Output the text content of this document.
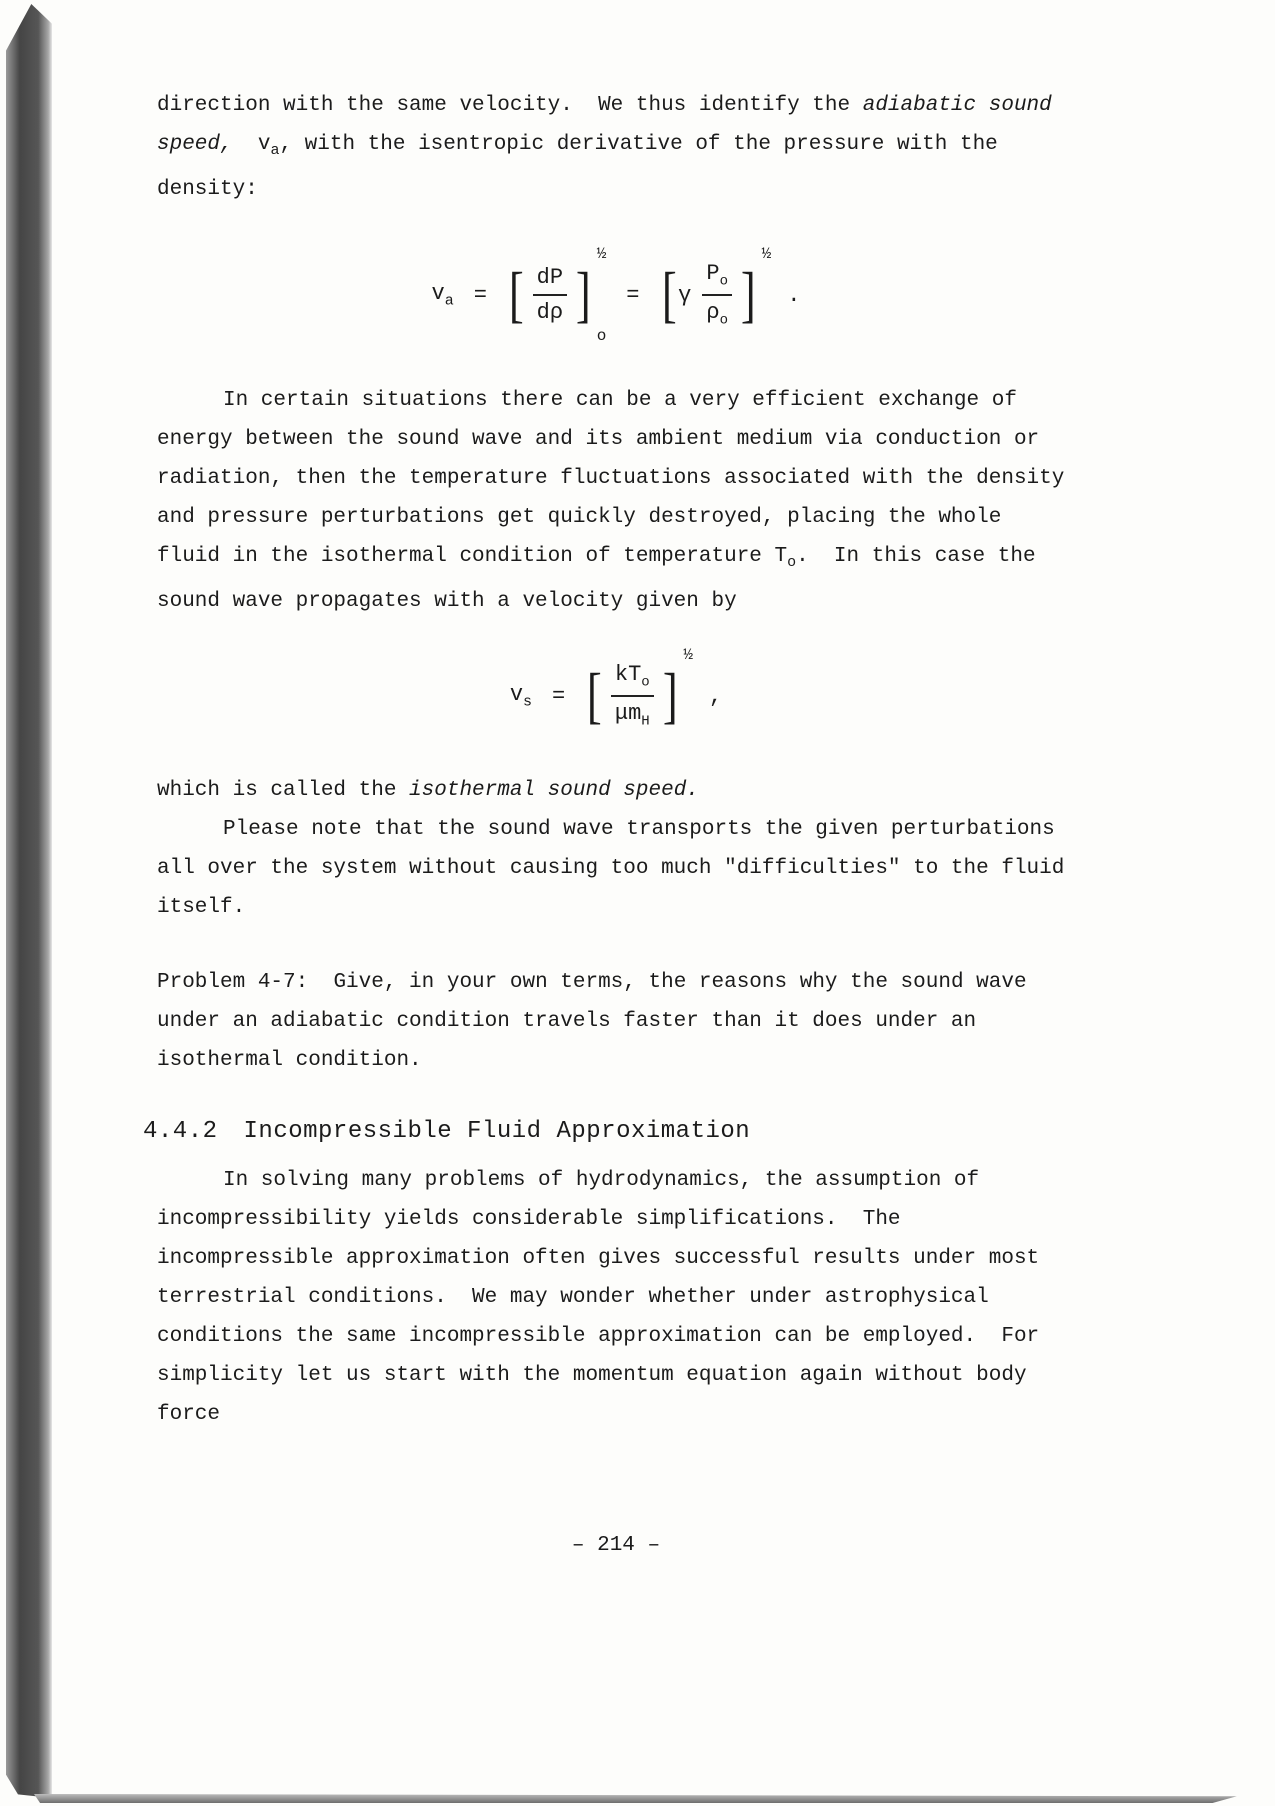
direction with the same velocity.  We thus identify the adiabatic sound speed,  $v_a$, with the isentropic derivative of the pressure with the density:

$v_a$ = [ $\frac{dP}{d\rho}$ ]
½
o
= [ γ $\frac{P_o}{\rho_o}$ ]
½
.

In certain situations there can be a very efficient exchange of energy between the sound wave and its ambient medium via conduction or radiation, then the temperature fluctuations associated with the density and pressure perturbations get quickly destroyed, placing the whole fluid in the isothermal condition of temperature $T_o$.  In this case the sound wave propagates with a velocity given by

$v_s$ = [ $\frac{kT_o}{\mu m_H}$ ]
½
,

which is called the isothermal sound speed.

Please note that the sound wave transports the given perturbations all over the system without causing too much "difficulties" to the fluid itself.

Problem 4-7:  Give, in your own terms, the reasons why the sound wave under an adiabatic condition travels faster than it does under an isothermal condition.

4.4.2 Incompressible Fluid Approximation

In solving many problems of hydrodynamics, the assumption of incompressibility yields considerable simplifications.  The incompressible approximation often gives successful results under most terrestrial conditions.  We may wonder whether under astrophysical conditions the same incompressible approximation can be employed.  For simplicity let us start with the momentum equation again without body force

– 214 –
